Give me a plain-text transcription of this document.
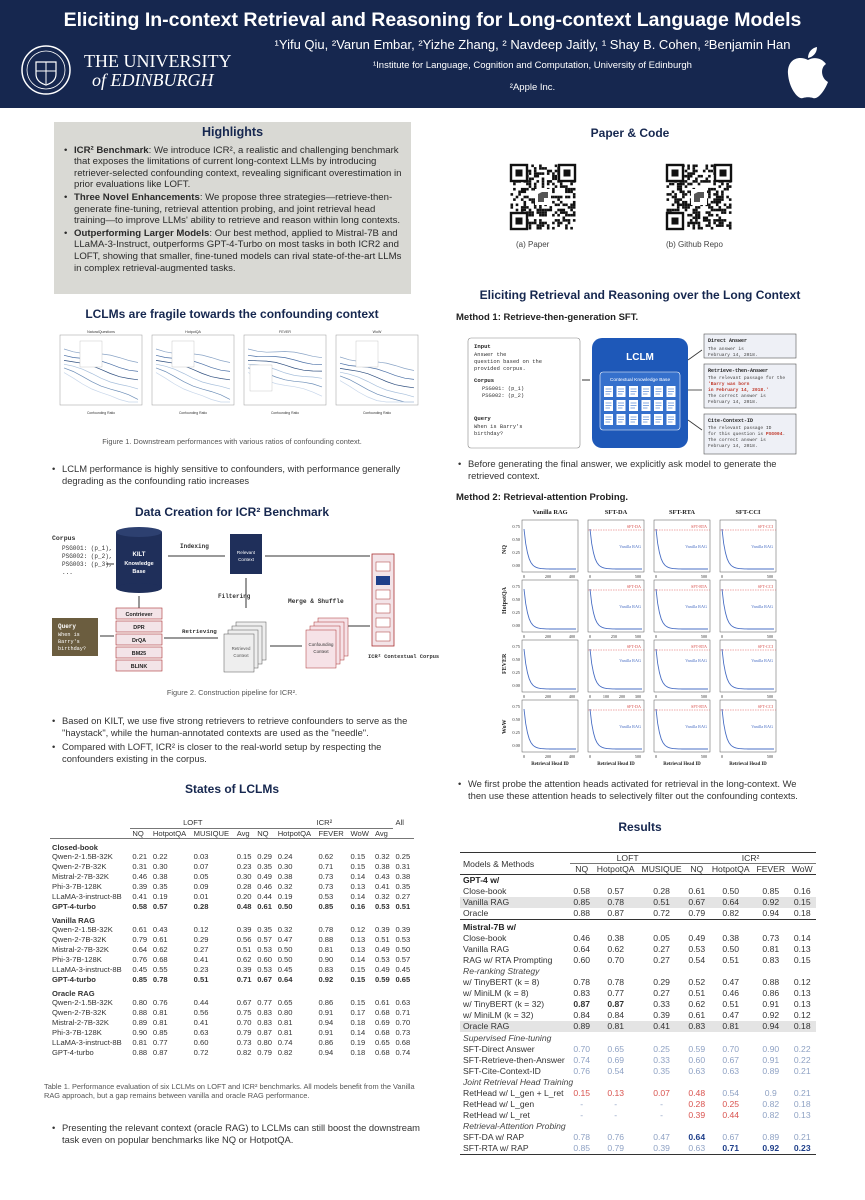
Eliciting In-context Retrieval and Reasoning for Long-context Language Models
¹Yifu Qiu, ²Varun Embar, ²Yizhe Zhang, ² Navdeep Jaitly, ¹ Shay B. Cohen, ²Benjamin Han
¹Institute for Language, Cognition and Computation, University of Edinburgh
²Apple Inc.
THE UNIVERSITY
of EDINBURGH
Highlights
• ICR² Benchmark: We introduce ICR², a realistic and challenging benchmark that exposes the limitations of current long-context LLMs by introducing retriever-selected confounding context, revealing significant overestimation in prior evaluations like LOFT.
• Three Novel Enhancements: We propose three strategies—retrieve-then-generate fine-tuning, retrieval attention probing, and joint retrieval head training—to improve LLMs' ability to retrieve and reason within long contexts.
• Outperforming Larger Models: Our best method, applied to Mistral-7B and LLaMA-3-Instruct, outperforms GPT-4-Turbo on most tasks in both ICR2 and LOFT, showing that smaller, fine-tuned models can rival state-of-the-art LLMs in complex retrieval-augmented tasks.
LCLMs are fragile towards the confounding context
NaturalQuestions
Confounding Ratio
HotpotQA
Confounding Ratio
FEVER
Confounding Ratio
WoW
Confounding Ratio
Figure 1. Downstream performances with various ratios of confounding context.
• LCLM performance is highly sensitive to confounders, with performance generally degrading as the confounding ratio increases
Data Creation for ICR² Benchmark
Corpus
PSG001: (p_1),
PSG002: (p_2),
PSG003: (p_3),
...
KILT
Knowledge
Base
Indexing
Relevant
Context
Filtering
Merge & Shuffle
ICR² Contextual Corpus
Contriever
DPR
DrQA
BM25
BLINK
Query
When is
Barry's
birthday?
Retrieving
Retrieved
Context
Confounding
Context
Figure 2. Construction pipeline for ICR².
• Based on KILT, we use five strong retrievers to retrieve confounders to serve as the "haystack", while the human-annotated contexts are used as the "needle".
• Compared with LOFT, ICR² is closer to the real-world setup by respecting the confounders existing in the corpus.
States of LCLMs
	LOFT				ICR²					All
	NQ	HotpotQA	MUSIQUE	Avg	NQ	HotpotQA	FEVER	WoW	Avg	
Closed-book										
Qwen-2-1.5B-32K	0.21	0.22	0.03	0.15	0.29	0.24	0.62	0.15	0.32	0.25
Qwen-2-7B-32K	0.31	0.30	0.07	0.23	0.35	0.30	0.71	0.15	0.38	0.31
Mistral-2-7B-32K	0.46	0.38	0.05	0.30	0.49	0.38	0.73	0.14	0.43	0.38
Phi-3-7B-128K	0.39	0.35	0.09	0.28	0.46	0.32	0.73	0.13	0.41	0.35
LLaMA-3-instruct-8B	0.41	0.19	0.01	0.20	0.44	0.19	0.53	0.14	0.32	0.27
GPT-4-turbo	0.58	0.57	0.28	0.48	0.61	0.50	0.85	0.16	0.53	0.51
Vanilla RAG										
Qwen-2-1.5B-32K	0.61	0.43	0.12	0.39	0.35	0.32	0.78	0.12	0.39	0.39
Qwen-2-7B-32K	0.79	0.61	0.29	0.56	0.57	0.47	0.88	0.13	0.51	0.53
Mistral-2-7B-32K	0.64	0.62	0.27	0.51	0.53	0.50	0.81	0.13	0.49	0.50
Phi-3-7B-128K	0.76	0.68	0.41	0.62	0.60	0.50	0.90	0.14	0.53	0.57
LLaMA-3-instruct-8B	0.45	0.55	0.23	0.39	0.53	0.45	0.83	0.15	0.49	0.45
GPT-4-turbo	0.85	0.78	0.51	0.71	0.67	0.64	0.92	0.15	0.59	0.65
Oracle RAG										
Qwen-2-1.5B-32K	0.80	0.76	0.44	0.67	0.77	0.65	0.86	0.15	0.61	0.63
Qwen-2-7B-32K	0.88	0.81	0.56	0.75	0.83	0.80	0.91	0.17	0.68	0.71
Mistral-2-7B-32K	0.89	0.81	0.41	0.70	0.83	0.81	0.94	0.18	0.69	0.70
Phi-3-7B-128K	0.90	0.85	0.63	0.79	0.87	0.81	0.91	0.14	0.68	0.73
LLaMA-3-instruct-8B	0.81	0.77	0.60	0.73	0.80	0.74	0.86	0.19	0.65	0.68
GPT-4-turbo	0.88	0.87	0.72	0.82	0.79	0.82	0.94	0.18	0.68	0.74
Table 1. Performance evaluation of six LCLMs on LOFT and ICR² benchmarks. All models benefit from the Vanilla RAG approach, but a gap remains between vanilla and oracle RAG performance.
• Presenting the relevant context (oracle RAG) to LCLMs can still boost the downstream task even on popular benchmarks like NQ or HotpotQA.
Paper & Code
(a) Paper	(b) Github Repo
Eliciting Retrieval and Reasoning over the Long Context
Method 1: Retrieve-then-generation SFT.
Input
Answer the
question based on the
provided corpus.
Corpus
PSG001: (p_1)
PSG002: (p_2)
Query
When is Barry's
birthday?
LCLM
Contextual Knowledge Base
Direct Answer
The answer is
February 14, 2018.
Retrieve-then-Answer
The relevant passage for the
'Barry was born
in February 14, 2018.'
The correct answer is
February 14, 2018.
Cite-Context-ID
The relevant passage ID
for this question is PSG004.
The correct answer is
February 14, 2018.
• Before generating the final answer, we explicitly ask model to generate the retrieved context.
Method 2: Retrieval-attention Probing.
Vanilla RAG	SFT-DA	SFT-RTA	SFT-CCI
NQ
0.75
0.50
0.25
0.00
0	200	400
SFT-DA
Vanilla RAG
0	500
SFT-RTA
Vanilla RAG
0	500
SFT-CCI
Vanilla RAG
0	500
HotpotQA
0.75
0.50
0.25
0.00
0	200	400
SFT-DA
Vanilla RAG
0	250	500
SFT-RTA
Vanilla RAG
0	500
SFT-CCI
Vanilla RAG
0	500
FEVER
0.75
0.50
0.25
0.00
0	200	400
SFT-DA
Vanilla RAG
0	100 200 300
SFT-RTA
Vanilla RAG
0	500
SFT-CCI
Vanilla RAG
0	500
WoW
0.75
0.50
0.25
0.00
0	200	400
Retrieval Head ID
SFT-DA
Vanilla RAG
0	500
Retrieval Head ID
SFT-RTA
Vanilla RAG
0	500
Retrieval Head ID
SFT-CCI
Vanilla RAG
0	500
Retrieval Head ID
• We first probe the attention heads activated for retrieval in the long-context. We then use these attention heads to selectively filter out the confounding contexts.
Results
Models & Methods	LOFT			ICR²			
	NQ	HotpotQA	MUSIQUE	NQ	HotpotQA	FEVER	WoW
GPT-4 w/							
Close-book	0.58	0.57	0.28	0.61	0.50	0.85	0.16
Vanilla RAG	0.85	0.78	0.51	0.67	0.64	0.92	0.15
Oracle	0.88	0.87	0.72	0.79	0.82	0.94	0.18

Mistral-7B w/							
Close-book	0.46	0.38	0.05	0.49	0.38	0.73	0.14
Vanilla RAG	0.64	0.62	0.27	0.53	0.50	0.81	0.13
RAG w/ RTA Prompting	0.60	0.70	0.27	0.54	0.51	0.83	0.15
Re-ranking Strategy							
w/ TinyBERT (k = 8)	0.78	0.78	0.29	0.52	0.47	0.88	0.12
w/ MiniLM (k = 8)	0.83	0.77	0.27	0.51	0.46	0.86	0.13
w/ TinyBERT (k = 32)	0.87	0.87	0.33	0.62	0.51	0.91	0.13
w/ MiniLM (k = 32)	0.84	0.84	0.39	0.61	0.47	0.92	0.12
Oracle RAG	0.89	0.81	0.41	0.83	0.81	0.94	0.18
Supervised Fine-tuning							
SFT-Direct Answer	0.70	0.65	0.25	0.59	0.70	0.90	0.22
SFT-Retrieve-then-Answer	0.74	0.69	0.33	0.60	0.67	0.91	0.22
SFT-Cite-Context-ID	0.76	0.54	0.35	0.63	0.63	0.89	0.21
Joint Retrieval Head Training							
RetHead w/ L_gen + L_ret	0.15	0.13	0.07	0.48	0.54	0.9	0.21
RetHead w/ L_gen	-	-	-	0.28	0.25	0.82	0.18
RetHead w/ L_ret	-	-	-	0.39	0.44	0.82	0.13
Retrieval-Attention Probing							
SFT-DA w/ RAP	0.78	0.76	0.47	0.64	0.67	0.89	0.21
SFT-RTA w/ RAP	0.85	0.79	0.39	0.63	0.71	0.92	0.23
